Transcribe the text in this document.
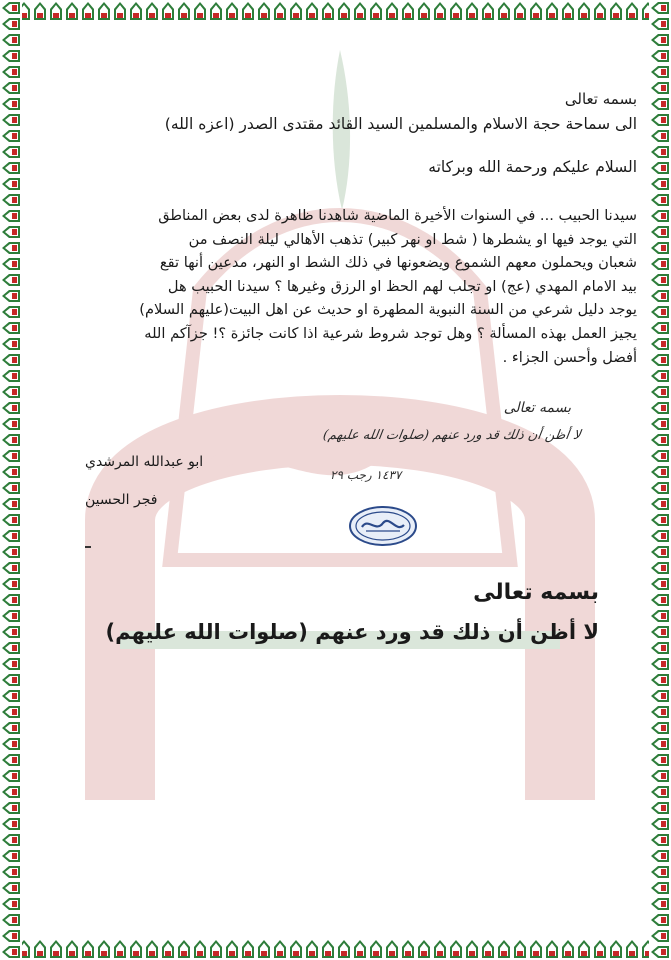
بسمه تعالى
الى سماحة حجة الاسلام والمسلمين السيد القائد مقتدى الصدر (اعزه الله)
السلام عليكم ورحمة الله وبركاته
سيدنا الحبيب ... في السنوات الأخيرة الماضية شاهدنا ظاهرة لدى بعض المناطق
التي يوجد فيها او يشطرها ( شط او نهر كبير) تذهب الأهالي ليلة النصف من
شعبان ويحملون معهم الشموع ويضعونها في ذلك الشط او النهر، مدعين أنها تقع
بيد الامام المهدي (عج) او تجلب لهم الحظ او الرزق وغيرها ؟ سيدنا الحبيب هل
يوجد دليل شرعي من السنة النبوية المطهرة او حديث عن اهل البيت(عليهم السلام)
يجيز العمل بهذه المسألة ؟ وهل توجد شروط شرعية اذا كانت جائزة ؟! جزآكم الله
أفضل وأحسن الجزاء .
بسمه تعالى
لا أظن أن ذلك قد ورد عنهم (صلوات الله عليهم)
١٤٣٧ رجب ٢٩
ابو عبدالله المرشدي
فجر الحسين
بسمه تعالى
لا أظن أن ذلك قد ورد عنهم (صلوات الله عليهم)
